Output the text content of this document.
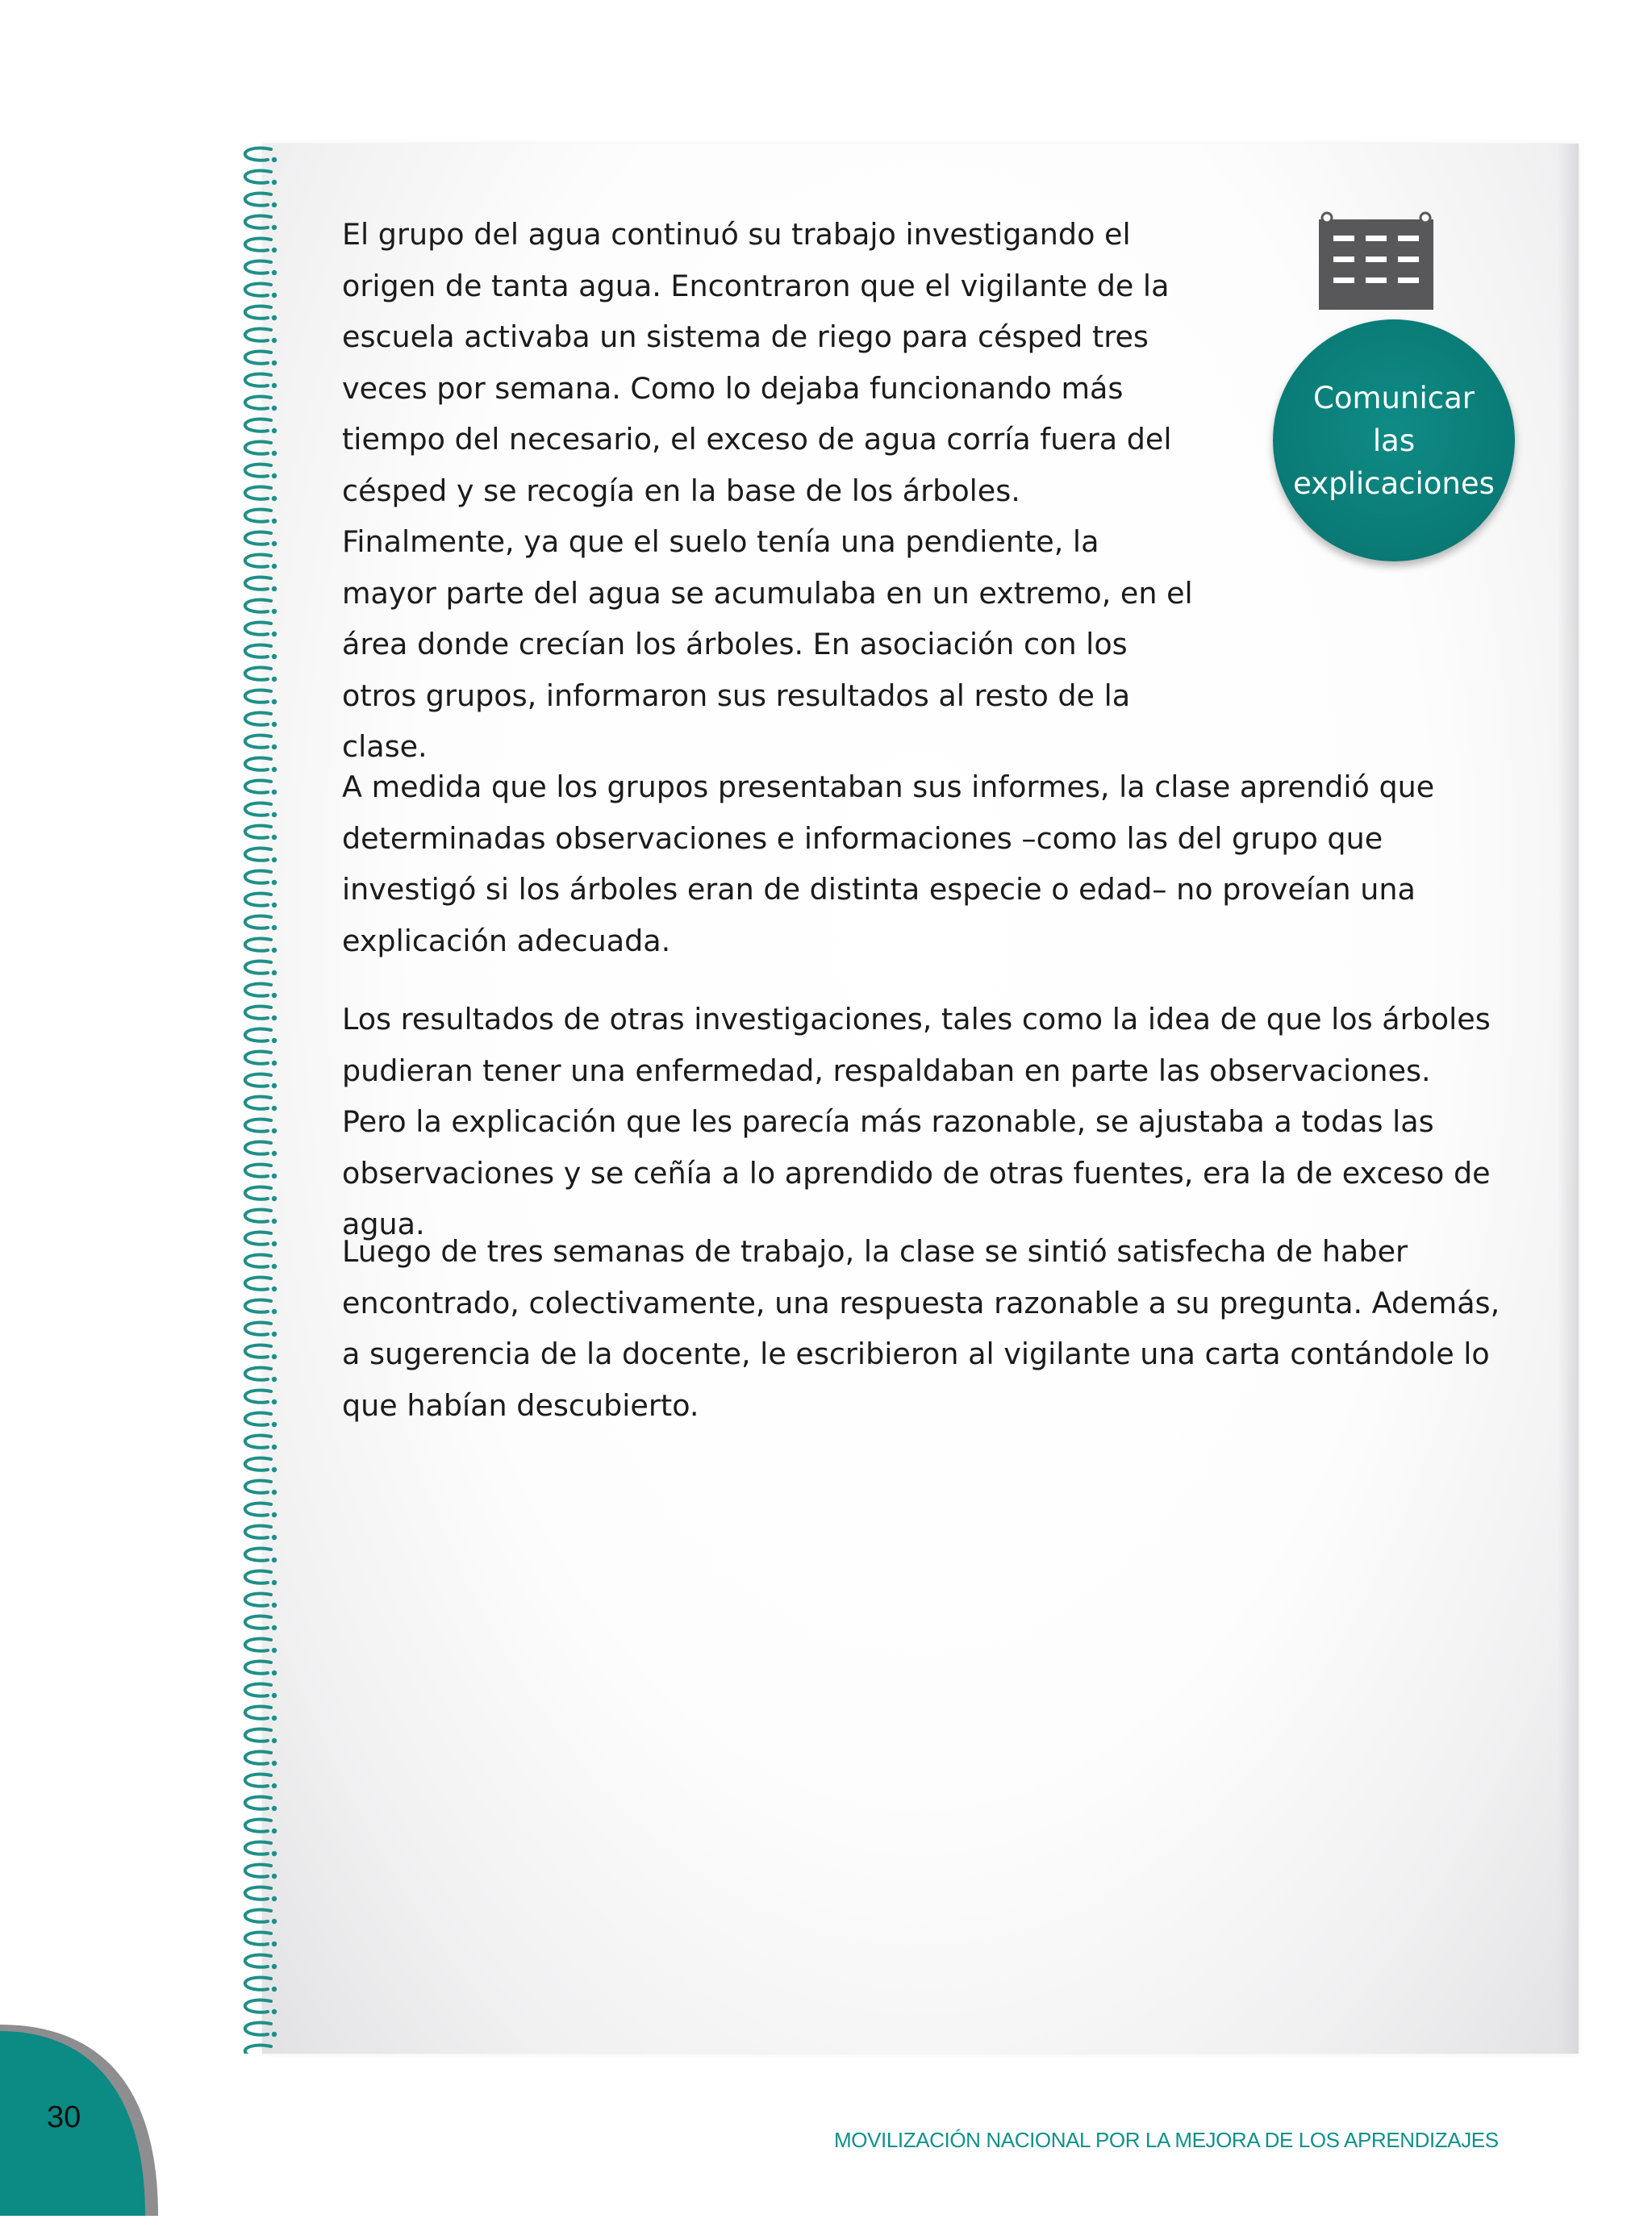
El grupo del agua continuó su trabajo investigando el origen de tanta agua. Encontraron que el vigilante de la escuela activaba un sistema de riego para césped tres veces por semana. Como lo dejaba funcionando más tiempo del necesario, el exceso de agua corría fuera del césped y se recogía en la base de los árboles. Finalmente, ya que el suelo tenía una pendiente, la mayor parte del agua se acumulaba en un extremo, en el área donde crecían los árboles. En asociación con los otros grupos, informaron sus resultados al resto de la clase.

Comunicar las explicaciones

A medida que los grupos presentaban sus informes, la clase aprendió que determinadas observaciones e informaciones –como las del grupo que investigó si los árboles eran de distinta especie o edad– no proveían una explicación adecuada.

Los resultados de otras investigaciones, tales como la idea de que los árboles pudieran tener una enfermedad, respaldaban en parte las observaciones. Pero la explicación que les parecía más razonable, se ajustaba a todas las observaciones y se ceñía a lo aprendido de otras fuentes, era la de exceso de agua.

Luego de tres semanas de trabajo, la clase se sintió satisfecha de haber encontrado, colectivamente, una respuesta razonable a su pregunta. Además, a sugerencia de la docente, le escribieron al vigilante una carta contándole lo que habían descubierto.

30
MOVILIZACIÓN NACIONAL POR LA MEJORA DE LOS APRENDIZAJES
